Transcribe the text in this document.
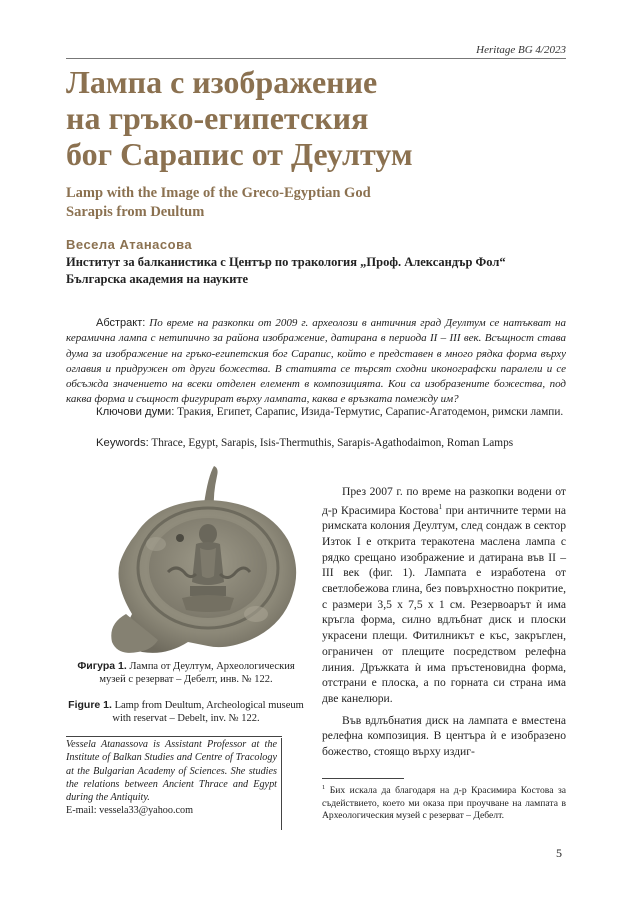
Heritage BG 4/2023
Лампа с изображение
на гръко-египетския
бог Сарапис от Деултум
Lamp with the Image of the Greco-Egyptian God
Sarapis from Deultum
Весела Атанасова
Институт за балканистика с Център по тракология „Проф. Александър Фол“
Българска академия на науките
Абстракт: По време на разкопки от 2009 г. археолози в античния град Деултум се натъкват на керамична лампа с нетипично за района изображение, датирана в периода II – III век. Всъщност става дума за изображение на гръко-египетския бог Сарапис, който е представен в много рядка форма върху оглавия и придружен от други божества. В статията се търсят сходни иконографски паралели и се обсъжда значението на всеки отделен елемент в композицията. Кои са изобразените божества, под каква форма и същност фигурират върху лампата, каква е връзката помежду им?
Ключови думи: Тракия, Египет, Сарапис, Изида-Термутис, Сарапис-Агатодемон, римски лампи.
Keywords: Thrace, Egypt, Sarapis, Isis-Thermuthis, Sarapis-Agathodaimon, Roman Lamps
Фигура 1. Лампа от Деултум, Археологическия музей с резерват – Дебелт, инв. № 122.
Figure 1. Lamp from Deultum, Archeological museum with reservat – Debelt, inv. № 122.
Vessela Atanassova is Assistant Professor at the Institute of Balkan Studies and Centre of Tracology at the Bulgarian Academy of Sciences. She studies the relations between Ancient Thrace and Egypt during the Antiquity.
E-mail: vessela33@yahoo.com

През 2007 г. по време на разкопки водени от д-р Красимира Костова$^1$ при античните терми на римската колония Деултум, след сондаж в сектор Изток I е открита теракотена маслена лампа с рядко срещано изображение и датирана във II – III век (фиг. 1). Лампата е изработена от светлобежова глина, без повърхностно покритие, с размери 3,5 х 7,5 х 1 см. Резервоарът ѝ има кръгла форма, силно вдлъбнат диск и плоски украсени плещи. Фитилникът е къс, закръглен, ограничен от плещите посредством релефна линия. Дръжката ѝ има пръстеновидна форма, отстрани е плоска, а по горната си страна има две канелюри.

Във вдлъбнатия диск на лампата е вместена релефна композиция. В центъра ѝ е изобразено божество, стоящо върху издиг-

$^1$ Бих искала да благодаря на д-р Красимира Костова за съдействието, което ми оказа при проучване на лампата в Археологическия музей с резерват – Дебелт.
5
